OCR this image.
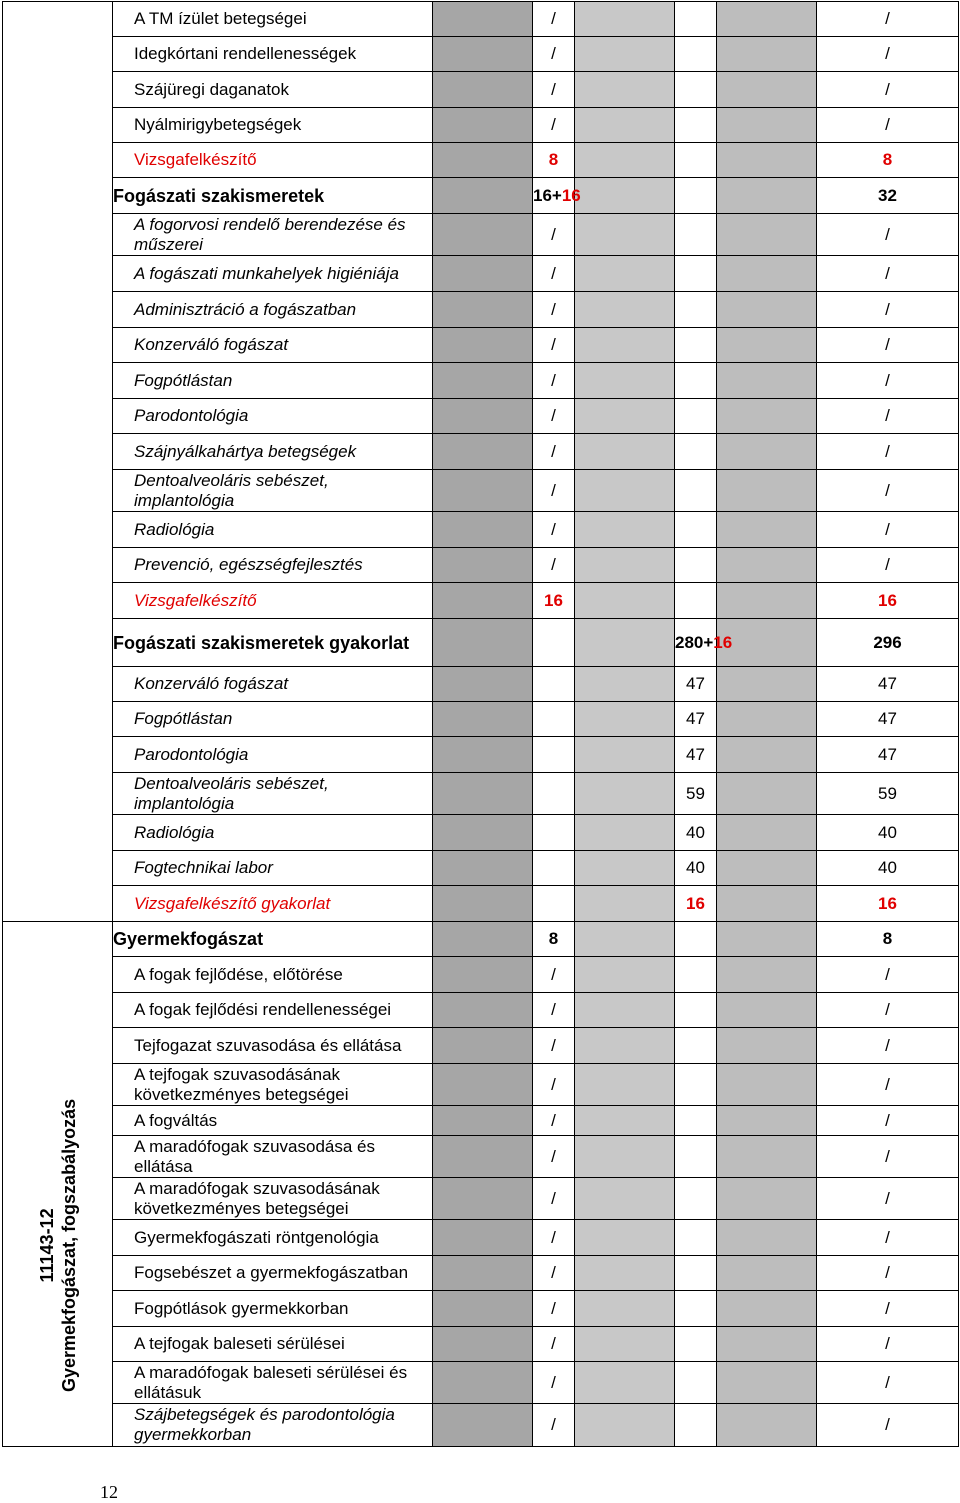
	A TM ízület betegségei		/				/
	Idegkórtani rendellenességek		/				/
	Szájüregi daganatok		/				/
	Nyálmirigybetegségek		/				/
	Vizsgafelkészítő		8				8
	Fogászati szakismeretek		16+16				32
	A fogorvosi rendelő berendezése és műszerei		/				/
	A fogászati munkahelyek higiéniája		/				/
	Adminisztráció a fogászatban		/				/
	Konzerváló fogászat		/				/
	Fogpótlástan		/				/
	Parodontológia		/				/
	Szájnyálkahártya betegségek		/				/
	Dentoalveoláris sebészet, implantológia		/				/
	Radiológia		/				/
	Prevenció, egészségfejlesztés		/				/
	Vizsgafelkészítő		16				16
	Fogászati szakismeretek gyakorlat				280+16		296
	Konzerváló fogászat				47		47
	Fogpótlástan				47		47
	Parodontológia				47		47
	Dentoalveoláris sebészet, implantológia				59		59
	Radiológia				40		40
	Fogtechnikai labor				40		40
	Vizsgafelkészítő gyakorlat				16		16

11143-12 Gyermekfogászat, fogszabályozás	Gyermekfogászat		8				8
	A fogak fejlődése, előtörése		/				/
	A fogak fejlődési rendellenességei		/				/
	Tejfogazat szuvasodása és ellátása		/				/
	A tejfogak szuvasodásának következményes betegségei		/				/
	A fogváltás		/				/
	A maradófogak szuvasodása és ellátása		/				/
	A maradófogak szuvasodásának következményes betegségei		/				/
	Gyermekfogászati röntgenológia		/				/
	Fogsebészet a gyermekfogászatban		/				/
	Fogpótlások gyermekkorban		/				/
	A tejfogak baleseti sérülései		/				/
	A maradófogak baleseti sérülései és ellátásuk		/				/
	Szájbetegségek és parodontológia gyermekkorban		/				/
12
